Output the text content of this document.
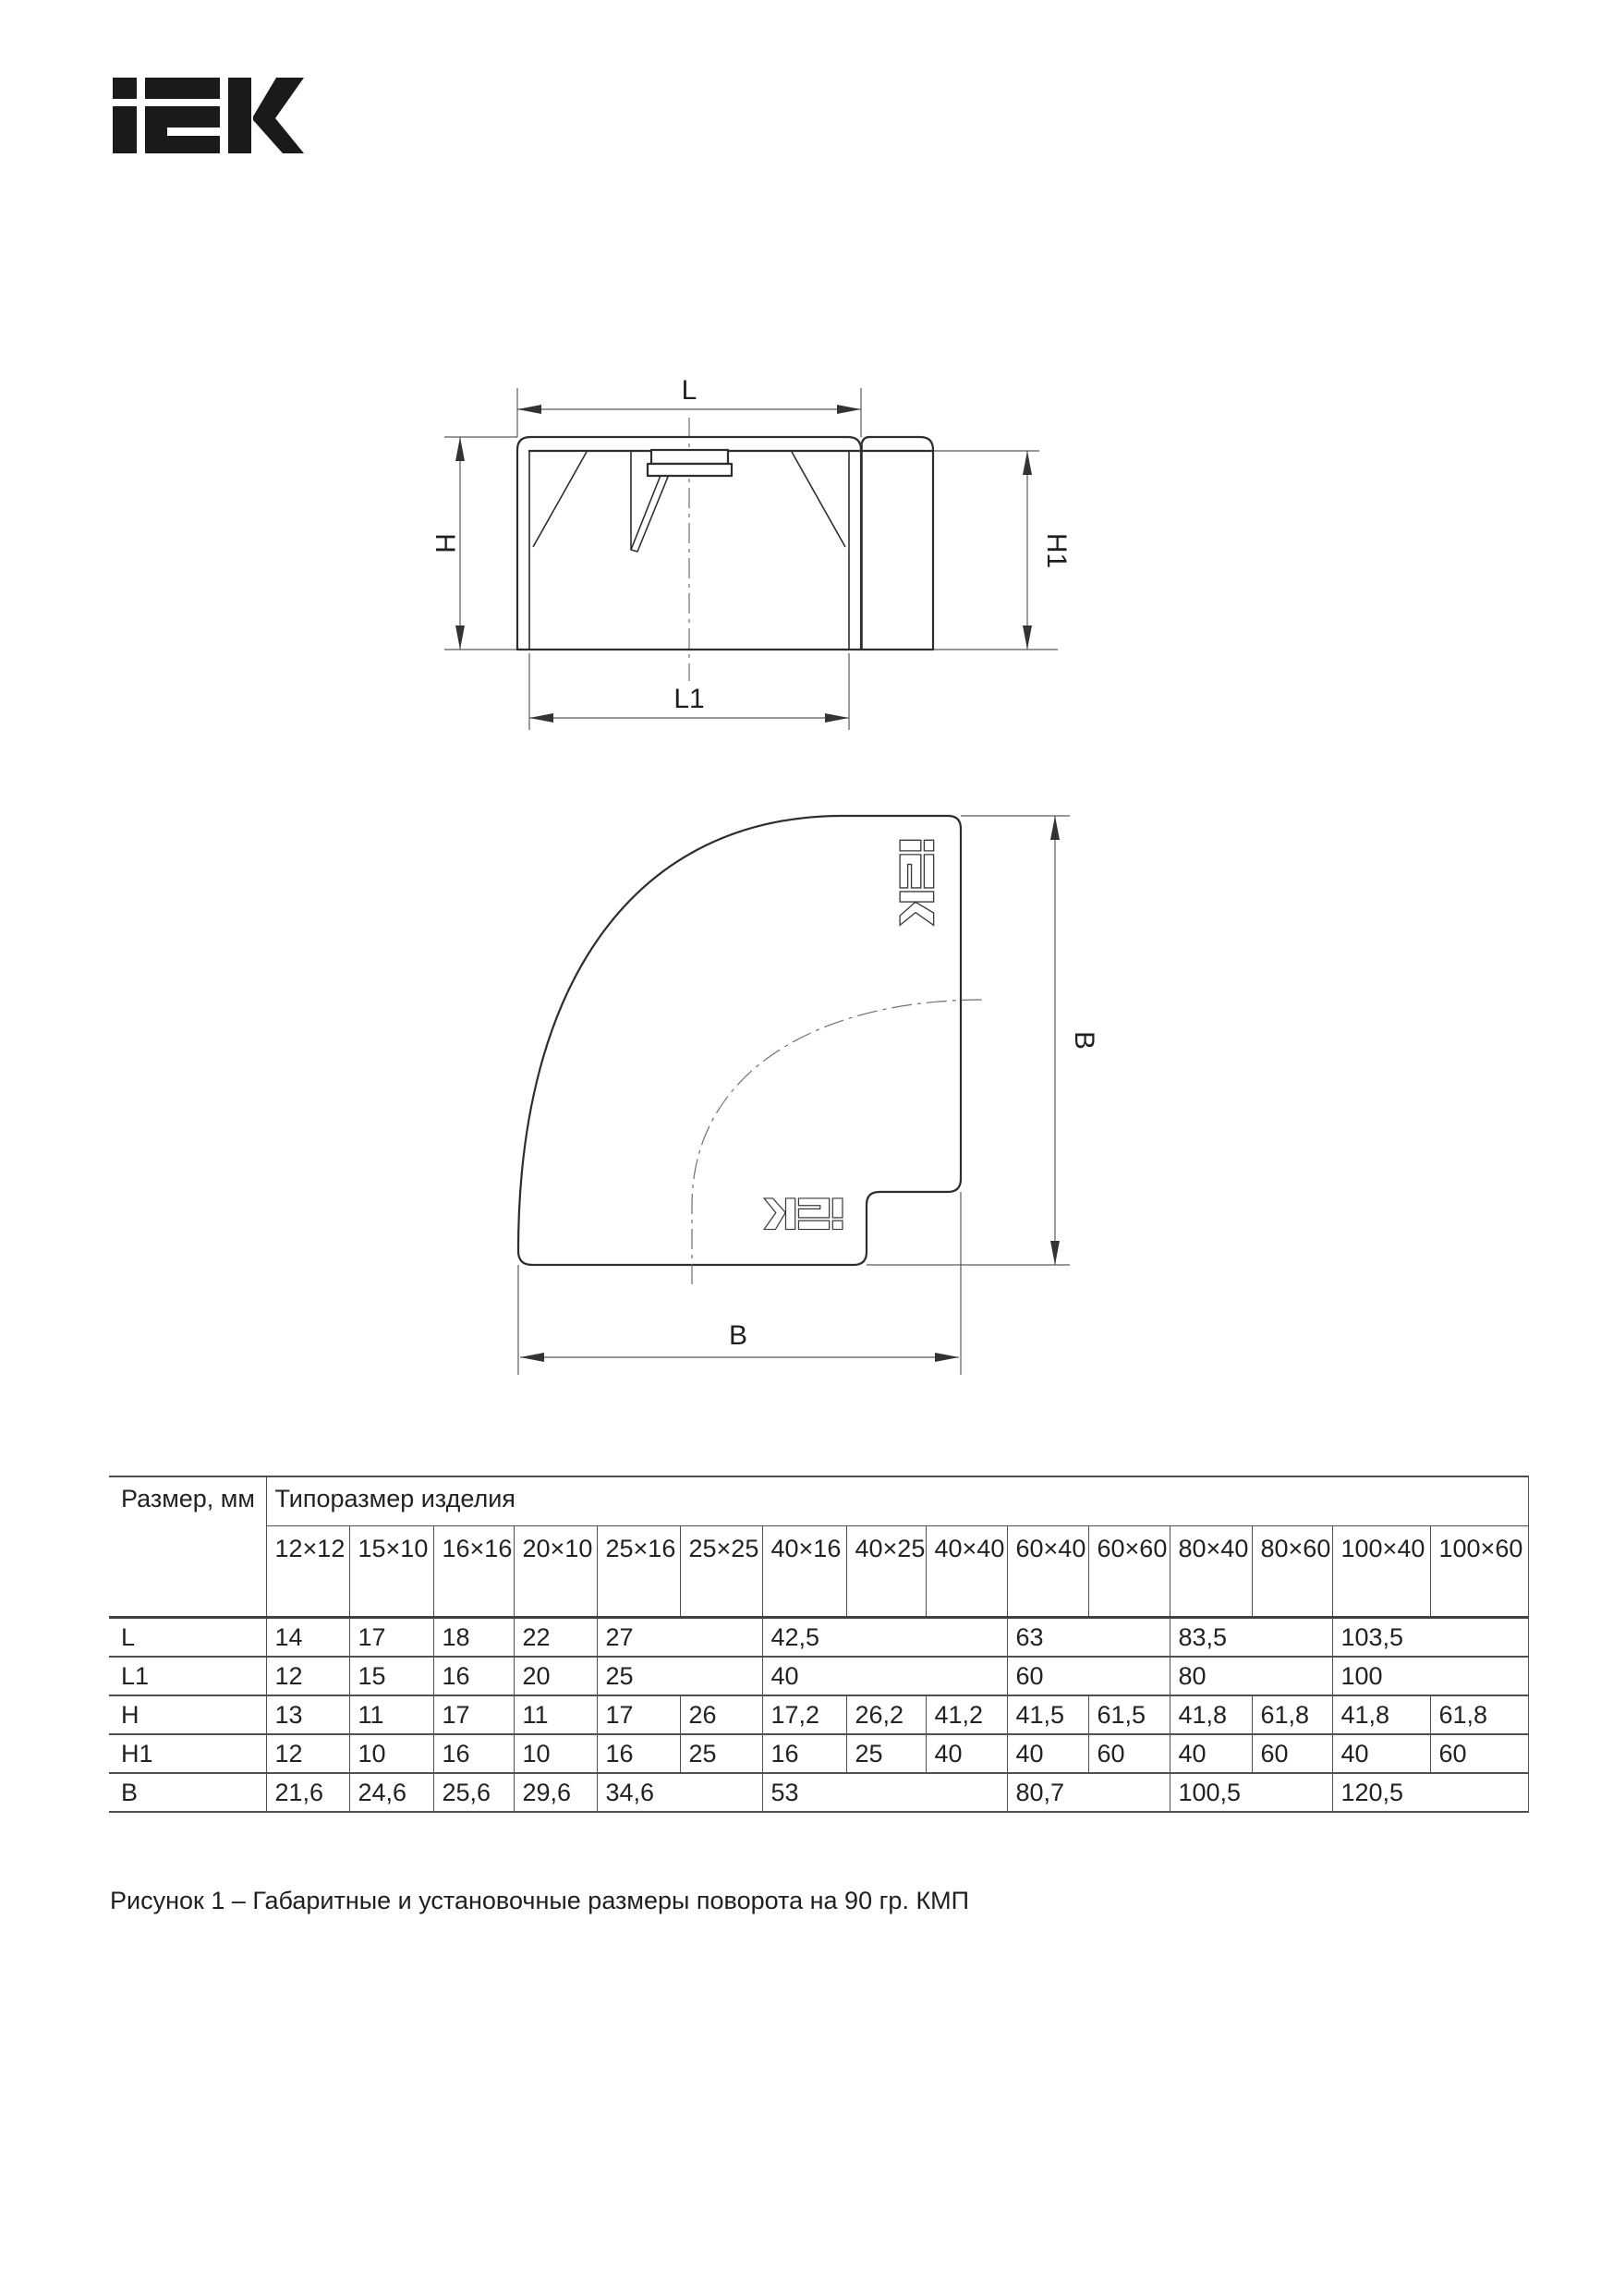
L
L1
H	H1
B
B
Размер, мм	Типоразмер изделия														
	12×12	15×10	16×16	20×10	25×16	25×25	40×16	40×25	40×40	60×40	60×60	80×40	80×60	100×40	100×60
L	14	17	18	22	27		42,5			63		83,5		103,5	
L1	12	15	16	20	25		40			60		80		100	
H	13	11	17	11	17	26	17,2	26,2	41,2	41,5	61,5	41,8	61,8	41,8	61,8
H1	12	10	16	10	16	25	16	25	40	40	60	40	60	40	60
B	21,6	24,6	25,6	29,6	34,6		53			80,7		100,5		120,5	
Рисунок 1 – Габаритные и установочные размеры поворота на 90 гр. КМП
